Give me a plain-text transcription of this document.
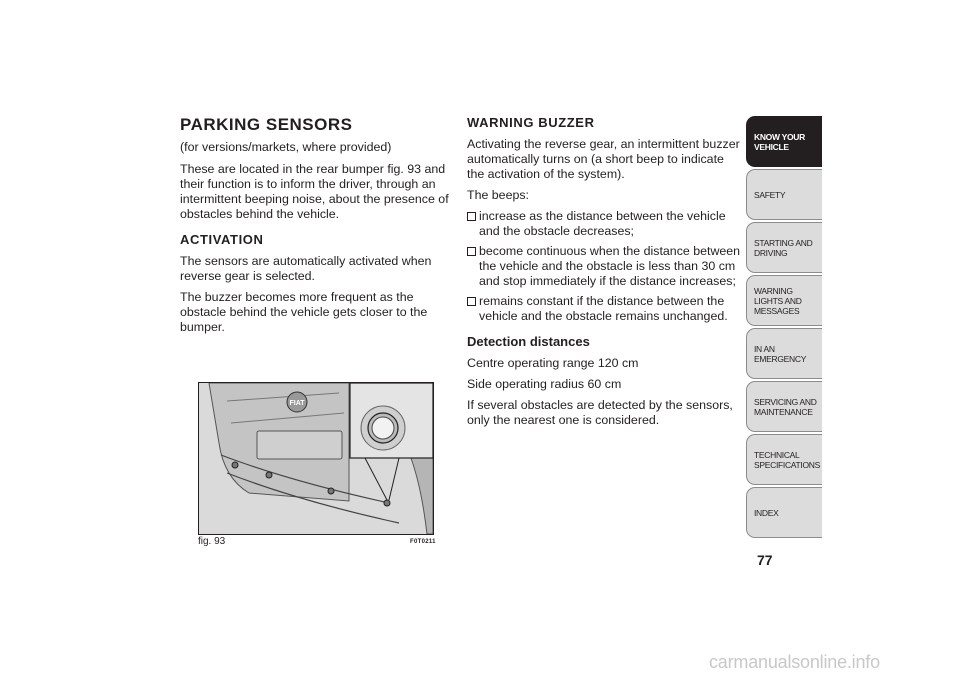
PARKING SENSORS

(for versions/markets, where provided)

These are located in the rear bumper fig. 93 and their function is to inform the driver, through an intermittent beeping noise, about the presence of obstacles behind the vehicle.

ACTIVATION

The sensors are automatically activated when reverse gear is selected.

The buzzer becomes more frequent as the obstacle behind the vehicle gets closer to the bumper.

WARNING BUZZER

Activating the reverse gear, an intermittent buzzer automatically turns on (a short beep to indicate the activation of the system).

The beeps:

increase as the distance between the vehicle and the obstacle decreases;
become continuous when the distance between the vehicle and the obstacle is less than 30 cm and stop immediately if the distance increases;
remains constant if the distance between the vehicle and the obstacle remains unchanged.

Detection distances

Centre operating range 120 cm

Side operating radius 60 cm

If several obstacles are detected by the sensors, only the nearest one is considered.

FIAT
fig. 93	F0T0211
KNOW YOUR VEHICLE
SAFETY
STARTING AND DRIVING
WARNING LIGHTS AND MESSAGES
IN AN EMERGENCY
SERVICING AND MAINTENANCE
TECHNICAL SPECIFICATIONS
INDEX
77
carmanualsonline.info
